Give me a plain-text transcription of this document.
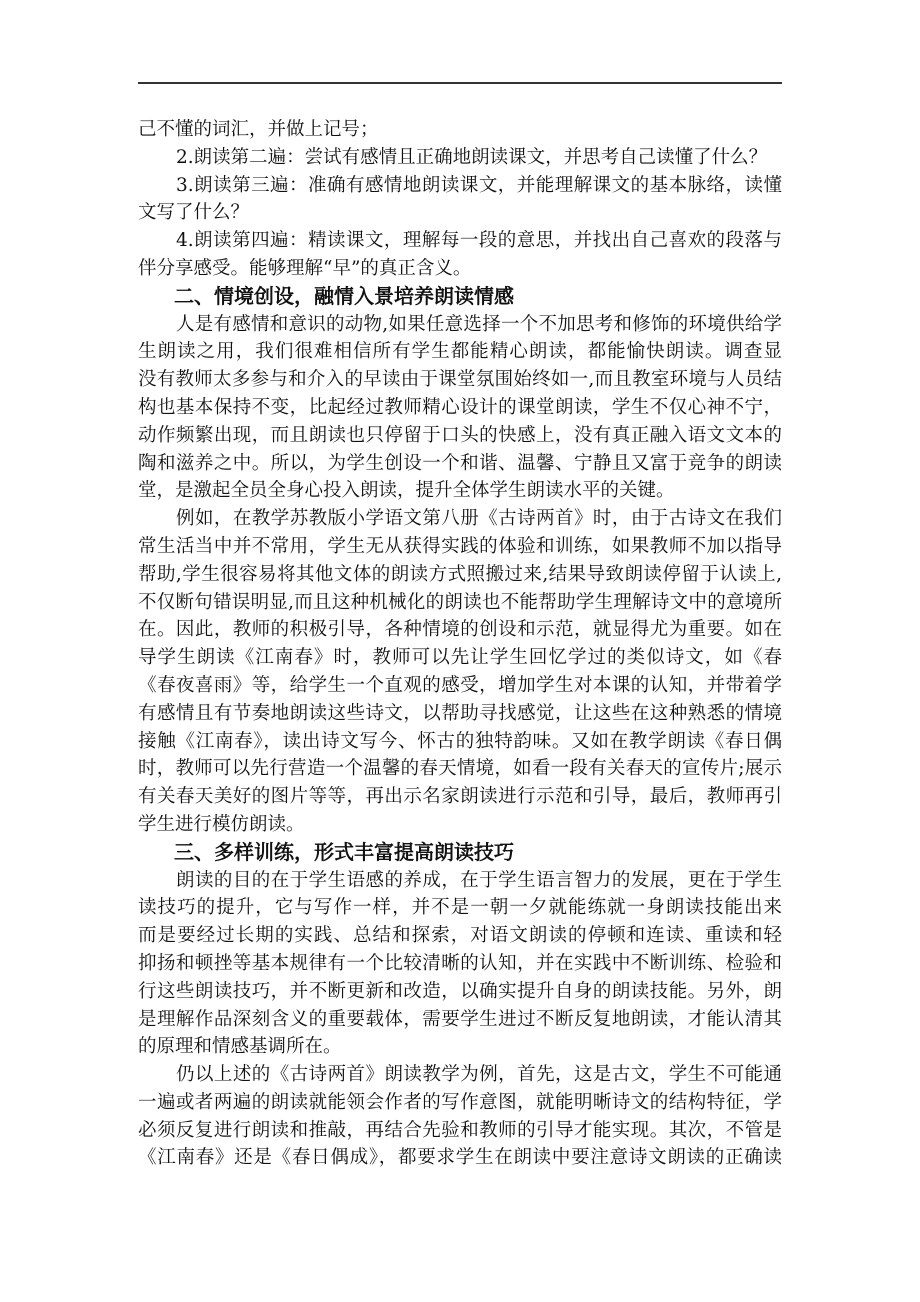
己不懂的词汇，并做上记号；
2.朗读第二遍：尝试有感情且正确地朗读课文，并思考自己读懂了什么？
3.朗读第三遍：准确有感情地朗读课文，并能理解课文的基本脉络，读懂
文写了什么？
4.朗读第四遍：精读课文，理解每一段的意思，并找出自己喜欢的段落与
伴分享感受。能够理解“早”的真正含义。
二、情境创设，融情入景培养朗读情感
人是有感情和意识的动物,如果任意选择一个不加思考和修饰的环境供给学
生朗读之用，我们很难相信所有学生都能精心朗读，都能愉快朗读。调查显
没有教师太多参与和介入的早读由于课堂氛围始终如一,而且教室环境与人员结
构也基本保持不变，比起经过教师精心设计的课堂朗读，学生不仅心神不宁，
动作频繁出现，而且朗读也只停留于口头的快感上，没有真正融入语文文本的
陶和滋养之中。所以，为学生创设一个和谐、温馨、宁静且又富于竞争的朗读
堂，是激起全员全身心投入朗读，提升全体学生朗读水平的关键。
例如，在教学苏教版小学语文第八册《古诗两首》时，由于古诗文在我们
常生活当中并不常用，学生无从获得实践的体验和训练，如果教师不加以指导
帮助,学生很容易将其他文体的朗读方式照搬过来,结果导致朗读停留于认读上,
不仅断句错误明显,而且这种机械化的朗读也不能帮助学生理解诗文中的意境所
在。因此，教师的积极引导，各种情境的创设和示范，就显得尤为重要。如在
导学生朗读《江南春》时，教师可以先让学生回忆学过的类似诗文，如《春
《春夜喜雨》等，给学生一个直观的感受，增加学生对本课的认知，并带着学
有感情且有节奏地朗读这些诗文，以帮助寻找感觉，让这些在这种熟悉的情境
接触《江南春》，读出诗文写今、怀古的独特韵味。又如在教学朗读《春日偶
时，教师可以先行营造一个温馨的春天情境，如看一段有关春天的宣传片;展示
有关春天美好的图片等等，再出示名家朗读进行示范和引导，最后，教师再引
学生进行模仿朗读。
三、多样训练，形式丰富提高朗读技巧
朗读的目的在于学生语感的养成，在于学生语言智力的发展，更在于学生
读技巧的提升，它与写作一样，并不是一朝一夕就能练就一身朗读技能出来
而是要经过长期的实践、总结和探索，对语文朗读的停顿和连读、重读和轻
抑扬和顿挫等基本规律有一个比较清晰的认知，并在实践中不断训练、检验和
行这些朗读技巧，并不断更新和改造，以确实提升自身的朗读技能。另外，朗
是理解作品深刻含义的重要载体，需要学生进过不断反复地朗读，才能认清其
的原理和情感基调所在。
仍以上述的《古诗两首》朗读教学为例，首先，这是古文，学生不可能通
一遍或者两遍的朗读就能领会作者的写作意图，就能明晰诗文的结构特征，学
必须反复进行朗读和推敲，再结合先验和教师的引导才能实现。其次，不管是
《江南春》还是《春日偶成》，都要求学生在朗读中要注意诗文朗读的正确读
